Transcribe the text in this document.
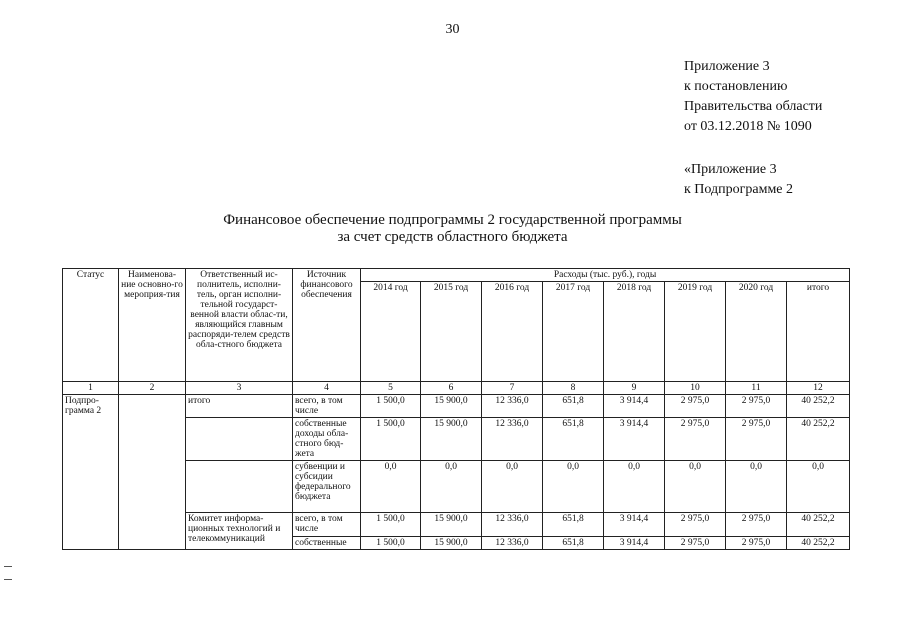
30
Приложение 3
к постановлению
Правительства области
от 03.12.2018 № 1090
«Приложение 3
к Подпрограмме 2
Финансовое обеспечение подпрограммы 2 государственной программы
за счет средств областного бюджета
Статус	Наименова-ние основно-го мероприя-тия	Ответственный ис-полнитель, исполни-тель, орган исполни-тельной государст-венной власти облас-ти, являющийся главным распоряди-телем средств обла-стного бюджета	Источник финансового обеспечения	Расходы (тыс. руб.), годы							
				2014 год	2015 год	2016 год	2017 год	2018 год	2019 год	2020 год	итого
1	2	3	4	5	6	7	8	9	10	11	12
Подпро-грамма 2		итого	всего, в том числе	1 500,0	15 900,0	12 336,0	651,8	3 914,4	2 975,0	2 975,0	40 252,2
			собственные доходы обла-стного бюд-жета	1 500,0	15 900,0	12 336,0	651,8	3 914,4	2 975,0	2 975,0	40 252,2
			субвенции и субсидии федерального бюджета	0,0	0,0	0,0	0,0	0,0	0,0	0,0	0,0
		Комитет информа-ционных технологий и телекоммуникаций	всего, в том числе	1 500,0	15 900,0	12 336,0	651,8	3 914,4	2 975,0	2 975,0	40 252,2
			собственные	1 500,0	15 900,0	12 336,0	651,8	3 914,4	2 975,0	2 975,0	40 252,2
